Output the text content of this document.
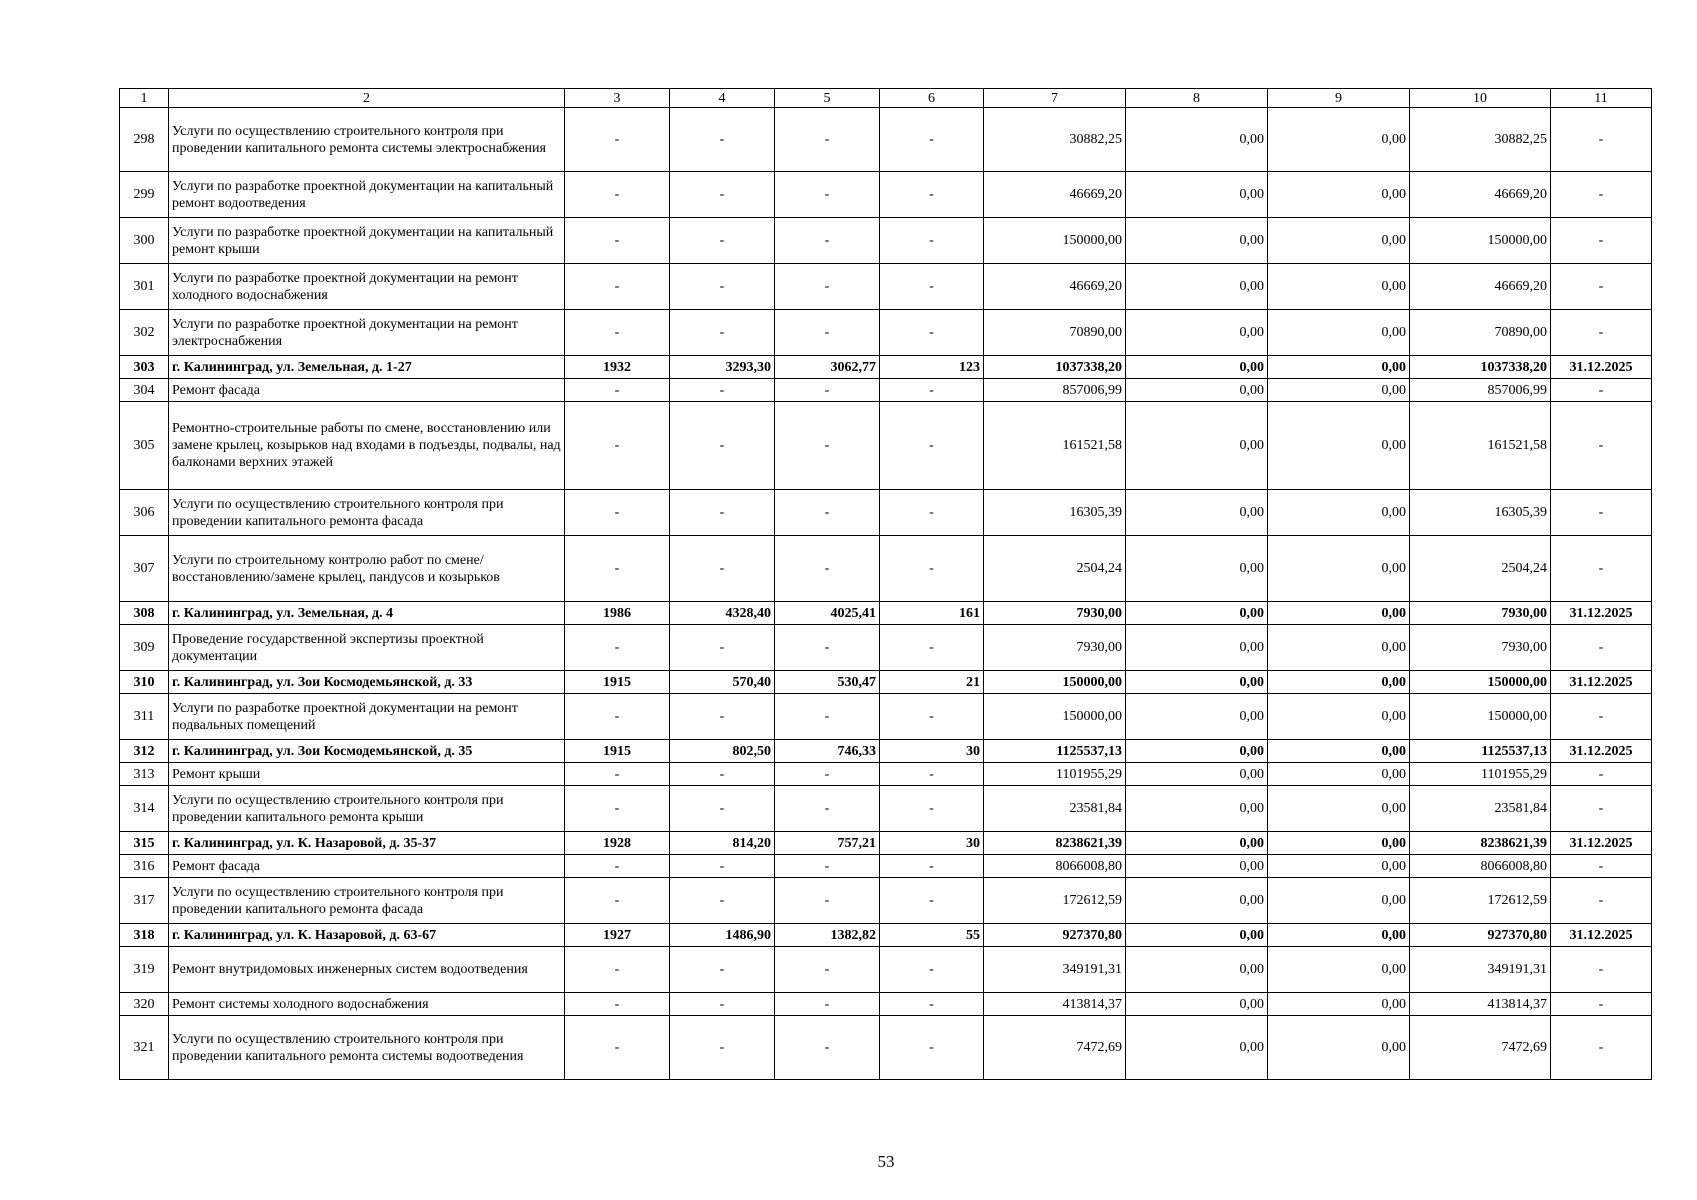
1	2	3	4	5	6	7	8	9	10	11
298	Услуги по осуществлению строительного контроля при проведении капитального ремонта системы электроснабжения	-	-	-	-	30882,25	0,00	0,00	30882,25	-
299	Услуги по разработке проектной документации на капитальный ремонт водоотведения	-	-	-	-	46669,20	0,00	0,00	46669,20	-
300	Услуги по разработке проектной документации на капитальный ремонт крыши	-	-	-	-	150000,00	0,00	0,00	150000,00	-
301	Услуги по разработке проектной документации на ремонт холодного водоснабжения	-	-	-	-	46669,20	0,00	0,00	46669,20	-
302	Услуги по разработке проектной документации на ремонт электроснабжения	-	-	-	-	70890,00	0,00	0,00	70890,00	-
303	г. Калининград, ул. Земельная, д. 1-27	1932	3293,30	3062,77	123	1037338,20	0,00	0,00	1037338,20	31.12.2025
304	Ремонт фасада	-	-	-	-	857006,99	0,00	0,00	857006,99	-
305	Ремонтно-строительные работы по смене, восстановлению или замене крылец, козырьков над входами в подъезды, подвалы, над балконами верхних этажей	-	-	-	-	161521,58	0,00	0,00	161521,58	-
306	Услуги по осуществлению строительного контроля при проведении капитального ремонта фасада	-	-	-	-	16305,39	0,00	0,00	16305,39	-
307	Услуги по строительному контролю работ по смене/восстановлению/замене крылец, пандусов и козырьков	-	-	-	-	2504,24	0,00	0,00	2504,24	-
308	г. Калининград, ул. Земельная, д. 4	1986	4328,40	4025,41	161	7930,00	0,00	0,00	7930,00	31.12.2025
309	Проведение государственной экспертизы проектной документации	-	-	-	-	7930,00	0,00	0,00	7930,00	-
310	г. Калининград, ул. Зои Космодемьянской, д. 33	1915	570,40	530,47	21	150000,00	0,00	0,00	150000,00	31.12.2025
311	Услуги по разработке проектной документации на ремонт подвальных помещений	-	-	-	-	150000,00	0,00	0,00	150000,00	-
312	г. Калининград, ул. Зои Космодемьянской, д. 35	1915	802,50	746,33	30	1125537,13	0,00	0,00	1125537,13	31.12.2025
313	Ремонт крыши	-	-	-	-	1101955,29	0,00	0,00	1101955,29	-
314	Услуги по осуществлению строительного контроля при проведении капитального ремонта крыши	-	-	-	-	23581,84	0,00	0,00	23581,84	-
315	г. Калининград, ул. К. Назаровой, д. 35-37	1928	814,20	757,21	30	8238621,39	0,00	0,00	8238621,39	31.12.2025
316	Ремонт фасада	-	-	-	-	8066008,80	0,00	0,00	8066008,80	-
317	Услуги по осуществлению строительного контроля при проведении капитального ремонта фасада	-	-	-	-	172612,59	0,00	0,00	172612,59	-
318	г. Калининград, ул. К. Назаровой, д. 63-67	1927	1486,90	1382,82	55	927370,80	0,00	0,00	927370,80	31.12.2025
319	Ремонт внутридомовых инженерных систем водоотведения	-	-	-	-	349191,31	0,00	0,00	349191,31	-
320	Ремонт системы холодного водоснабжения	-	-	-	-	413814,37	0,00	0,00	413814,37	-
321	Услуги по осуществлению строительного контроля при проведении капитального ремонта системы водоотведения	-	-	-	-	7472,69	0,00	0,00	7472,69	-
53
